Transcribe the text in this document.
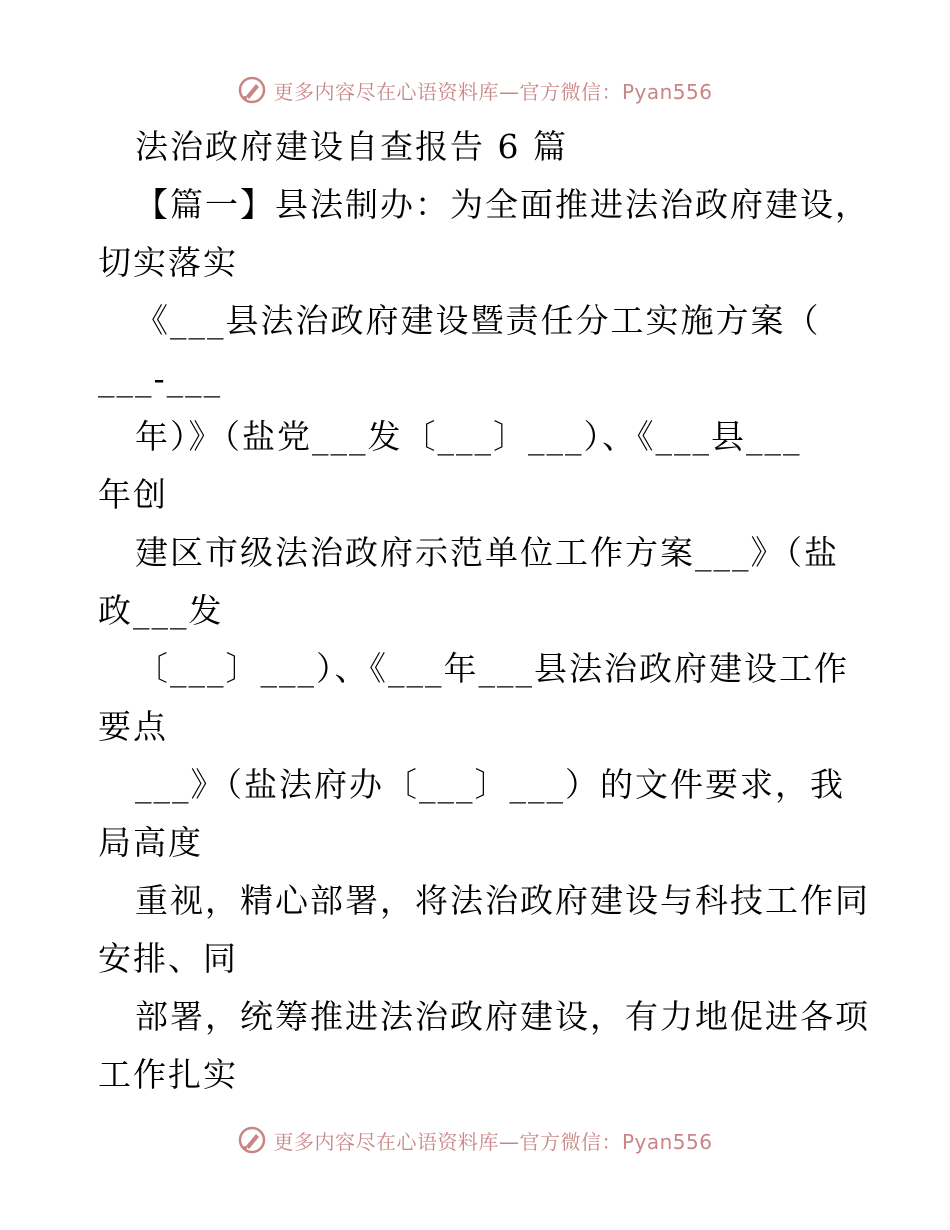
更多内容尽在心语资料库—官方微信：Pyan556
法治政府建设自查报告 6 篇
【篇一】县法制办：为全面推进法治政府建设，
切实落实
《___县法治政府建设暨责任分工实施方案（
___-___
年）》（盐党___发〔___〕___）、《___县___
年创
建区市级法治政府示范单位工作方案___》（盐
政___发
〔___〕___）、《___年___县法治政府建设工作
要点
___》（盐法府办〔___〕___）的文件要求，我
局高度
重视，精心部署，将法治政府建设与科技工作同
安排、同
部署，统筹推进法治政府建设，有力地促进各项
工作扎实
更多内容尽在心语资料库—官方微信：Pyan556
